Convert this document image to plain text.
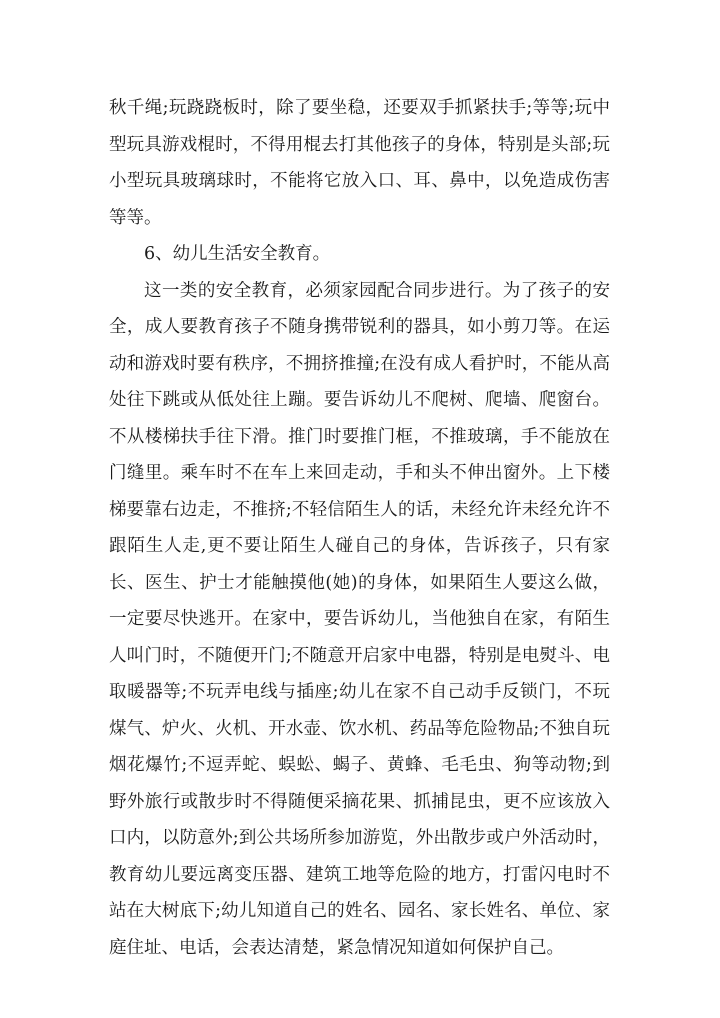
秋千绳;玩跷跷板时，除了要坐稳，还要双手抓紧扶手;等等;玩中型玩具游戏棍时，不得用棍去打其他孩子的身体，特别是头部;玩小型玩具玻璃球时，不能将它放入口、耳、鼻中，以免造成伤害等等。

6、幼儿生活安全教育。

这一类的安全教育，必须家园配合同步进行。为了孩子的安全，成人要教育孩子不随身携带锐利的器具，如小剪刀等。在运动和游戏时要有秩序，不拥挤推撞;在没有成人看护时，不能从高处往下跳或从低处往上蹦。要告诉幼儿不爬树、爬墙、爬窗台。不从楼梯扶手往下滑。推门时要推门框，不推玻璃，手不能放在门缝里。乘车时不在车上来回走动，手和头不伸出窗外。上下楼梯要靠右边走，不推挤;不轻信陌生人的话，未经允许未经允许不跟陌生人走,更不要让陌生人碰自己的身体，告诉孩子，只有家长、医生、护士才能触摸他(她)的身体，如果陌生人要这么做，一定要尽快逃开。在家中，要告诉幼儿，当他独自在家，有陌生人叫门时，不随便开门;不随意开启家中电器，特别是电熨斗、电取暖器等;不玩弄电线与插座;幼儿在家不自己动手反锁门，不玩煤气、炉火、火机、开水壶、饮水机、药品等危险物品;不独自玩烟花爆竹;不逗弄蛇、蜈蚣、蝎子、黄蜂、毛毛虫、狗等动物;到野外旅行或散步时不得随便采摘花果、抓捕昆虫，更不应该放入口内，以防意外;到公共场所参加游览，外出散步或户外活动时，教育幼儿要远离变压器、建筑工地等危险的地方，打雷闪电时不站在大树底下;幼儿知道自己的姓名、园名、家长姓名、单位、家庭住址、电话，会表达清楚，紧急情况知道如何保护自己。
